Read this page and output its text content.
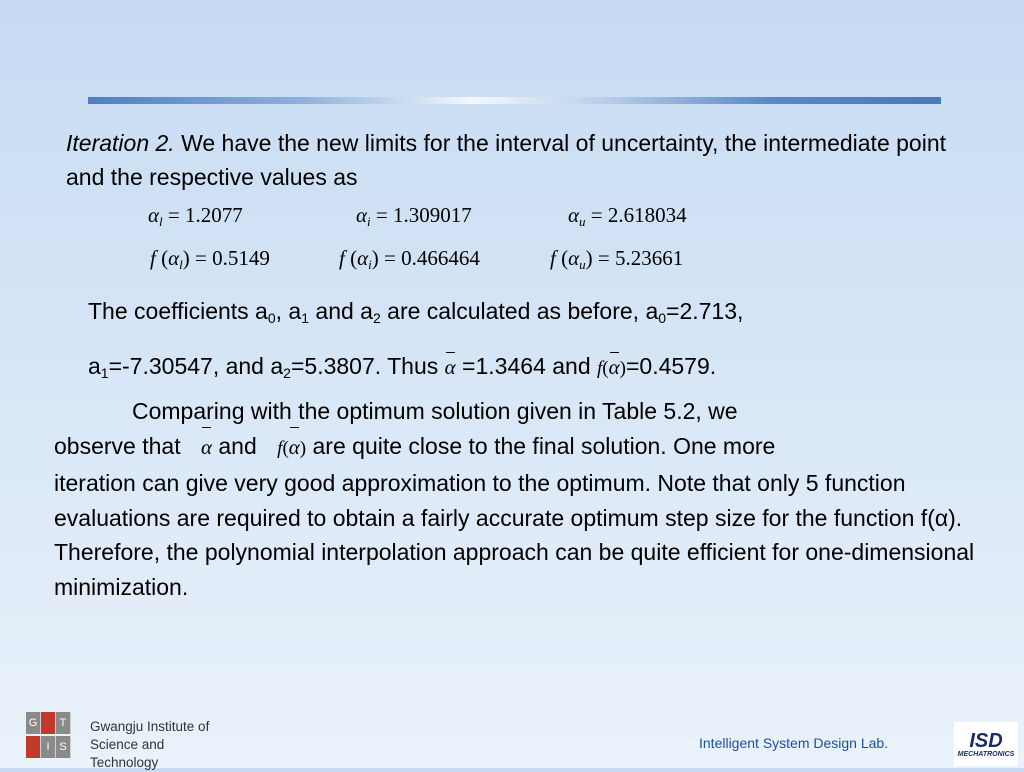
Iteration 2. We have the new limits for the interval of uncertainty, the intermediate point and the respective values as
$\alpha_l = 1.2077$	$\alpha_i = 1.309017$	$\alpha_u = 2.618034$
f $(\alpha_l) = 0.5149$	f $(\alpha_i) = 0.466464$	f $(\alpha_u) = 5.23661$
The coefficients $a_0$, $a_1$ and $a_2$ are calculated as before, $a_0=2.713$,
$a_1=-7.30547$, and $a_2=5.3807$. Thus α =1.3464 and f(α)=0.4579.
Comparing with the optimum solution given in Table 5.2, we
observe that α and f(α) are quite close to the final solution. One more
iteration can give very good approximation to the optimum. Note that only 5 function evaluations are required to obtain a fairly accurate optimum step size for the function f(α). Therefore, the polynomial interpolation approach can be quite efficient for one-dimensional minimization.
G	T
I S
Gwangju Institute of
Science and Technology
Intelligent System Design Lab.	ISD
MECHATRONICS
